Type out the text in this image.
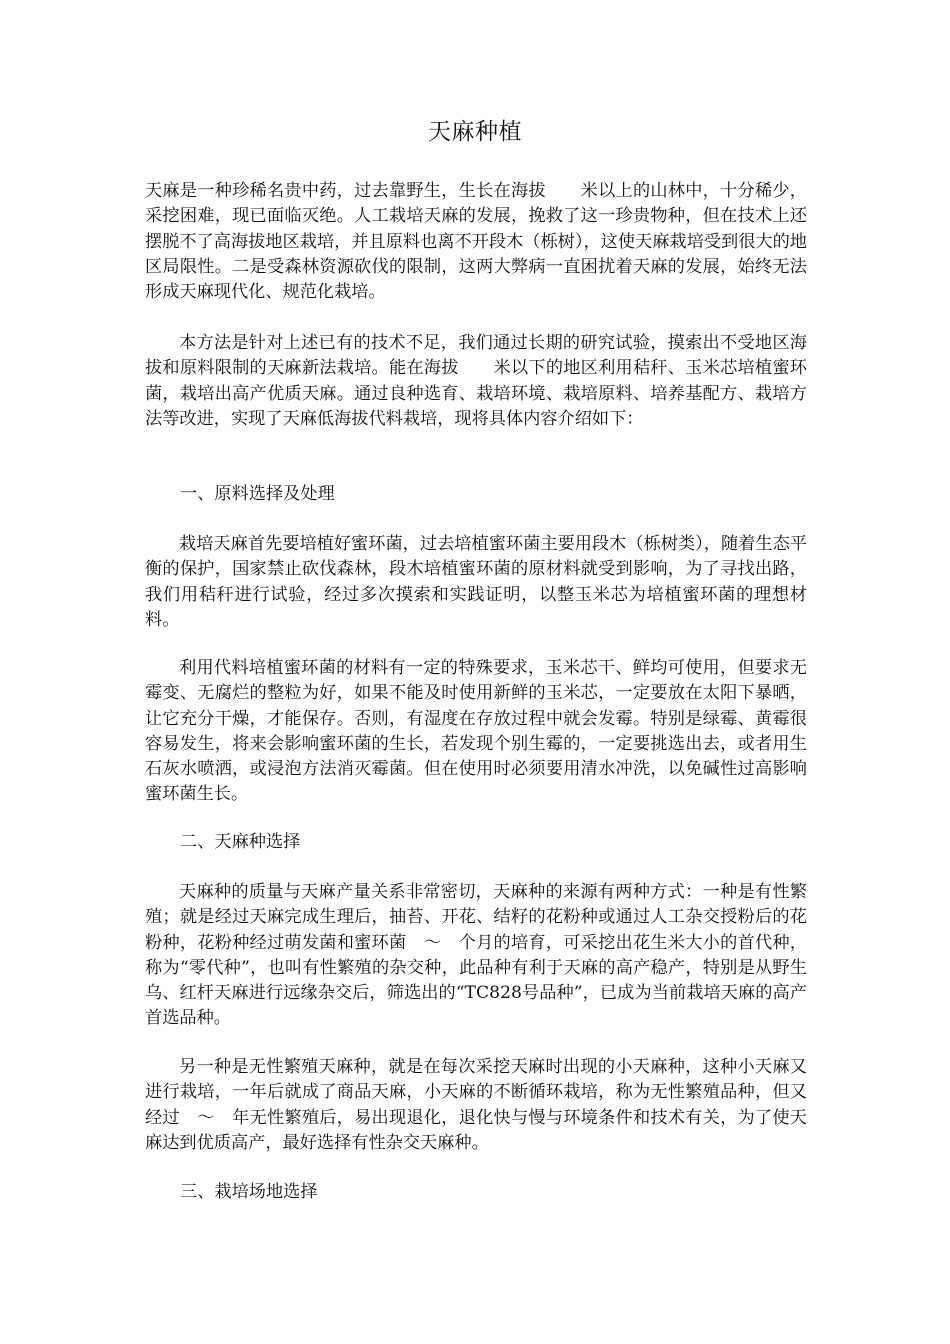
天麻种植

天麻是一种珍稀名贵中药，过去靠野生，生长在海拔　　米以上的山林中，十分稀少，采挖困难，现已面临灭绝。人工栽培天麻的发展，挽救了这一珍贵物种，但在技术上还摆脱不了高海拔地区栽培，并且原料也离不开段木（栎树），这使天麻栽培受到很大的地区局限性。二是受森林资源砍伐的限制，这两大弊病一直困扰着天麻的发展，始终无法形成天麻现代化、规范化栽培。

本方法是针对上述已有的技术不足，我们通过长期的研究试验，摸索出不受地区海拔和原料限制的天麻新法栽培。能在海拔　　米以下的地区利用秸秆、玉米芯培植蜜环菌，栽培出高产优质天麻。通过良种选育、栽培环境、栽培原料、培养基配方、栽培方法等改进，实现了天麻低海拔代料栽培，现将具体内容介绍如下：

一、原料选择及处理

栽培天麻首先要培植好蜜环菌，过去培植蜜环菌主要用段木（栎树类），随着生态平衡的保护，国家禁止砍伐森林，段木培植蜜环菌的原材料就受到影响，为了寻找出路，我们用秸秆进行试验，经过多次摸索和实践证明，以整玉米芯为培植蜜环菌的理想材料。

利用代料培植蜜环菌的材料有一定的特殊要求，玉米芯干、鲜均可使用，但要求无霉变、无腐烂的整粒为好，如果不能及时使用新鲜的玉米芯，一定要放在太阳下暴晒，让它充分干燥，才能保存。否则，有湿度在存放过程中就会发霉。特别是绿霉、黄霉很容易发生，将来会影响蜜环菌的生长，若发现个别生霉的，一定要挑选出去，或者用生石灰水喷洒，或浸泡方法消灭霉菌。但在使用时必须要用清水冲洗，以免碱性过高影响蜜环菌生长。

二、天麻种选择

天麻种的质量与天麻产量关系非常密切，天麻种的来源有两种方式：一种是有性繁殖；就是经过天麻完成生理后，抽苔、开花、结籽的花粉种或通过人工杂交授粉后的花粉种，花粉种经过萌发菌和蜜环菌　～　个月的培育，可采挖出花生米大小的首代种，称为“零代种”，也叫有性繁殖的杂交种，此品种有利于天麻的高产稳产，特别是从野生乌、红杆天麻进行远缘杂交后，筛选出的“TC828号品种”，已成为当前栽培天麻的高产首选品种。

另一种是无性繁殖天麻种，就是在每次采挖天麻时出现的小天麻种，这种小天麻又进行栽培，一年后就成了商品天麻，小天麻的不断循环栽培，称为无性繁殖品种，但又经过　～　年无性繁殖后，易出现退化，退化快与慢与环境条件和技术有关，为了使天麻达到优质高产，最好选择有性杂交天麻种。

三、栽培场地选择
